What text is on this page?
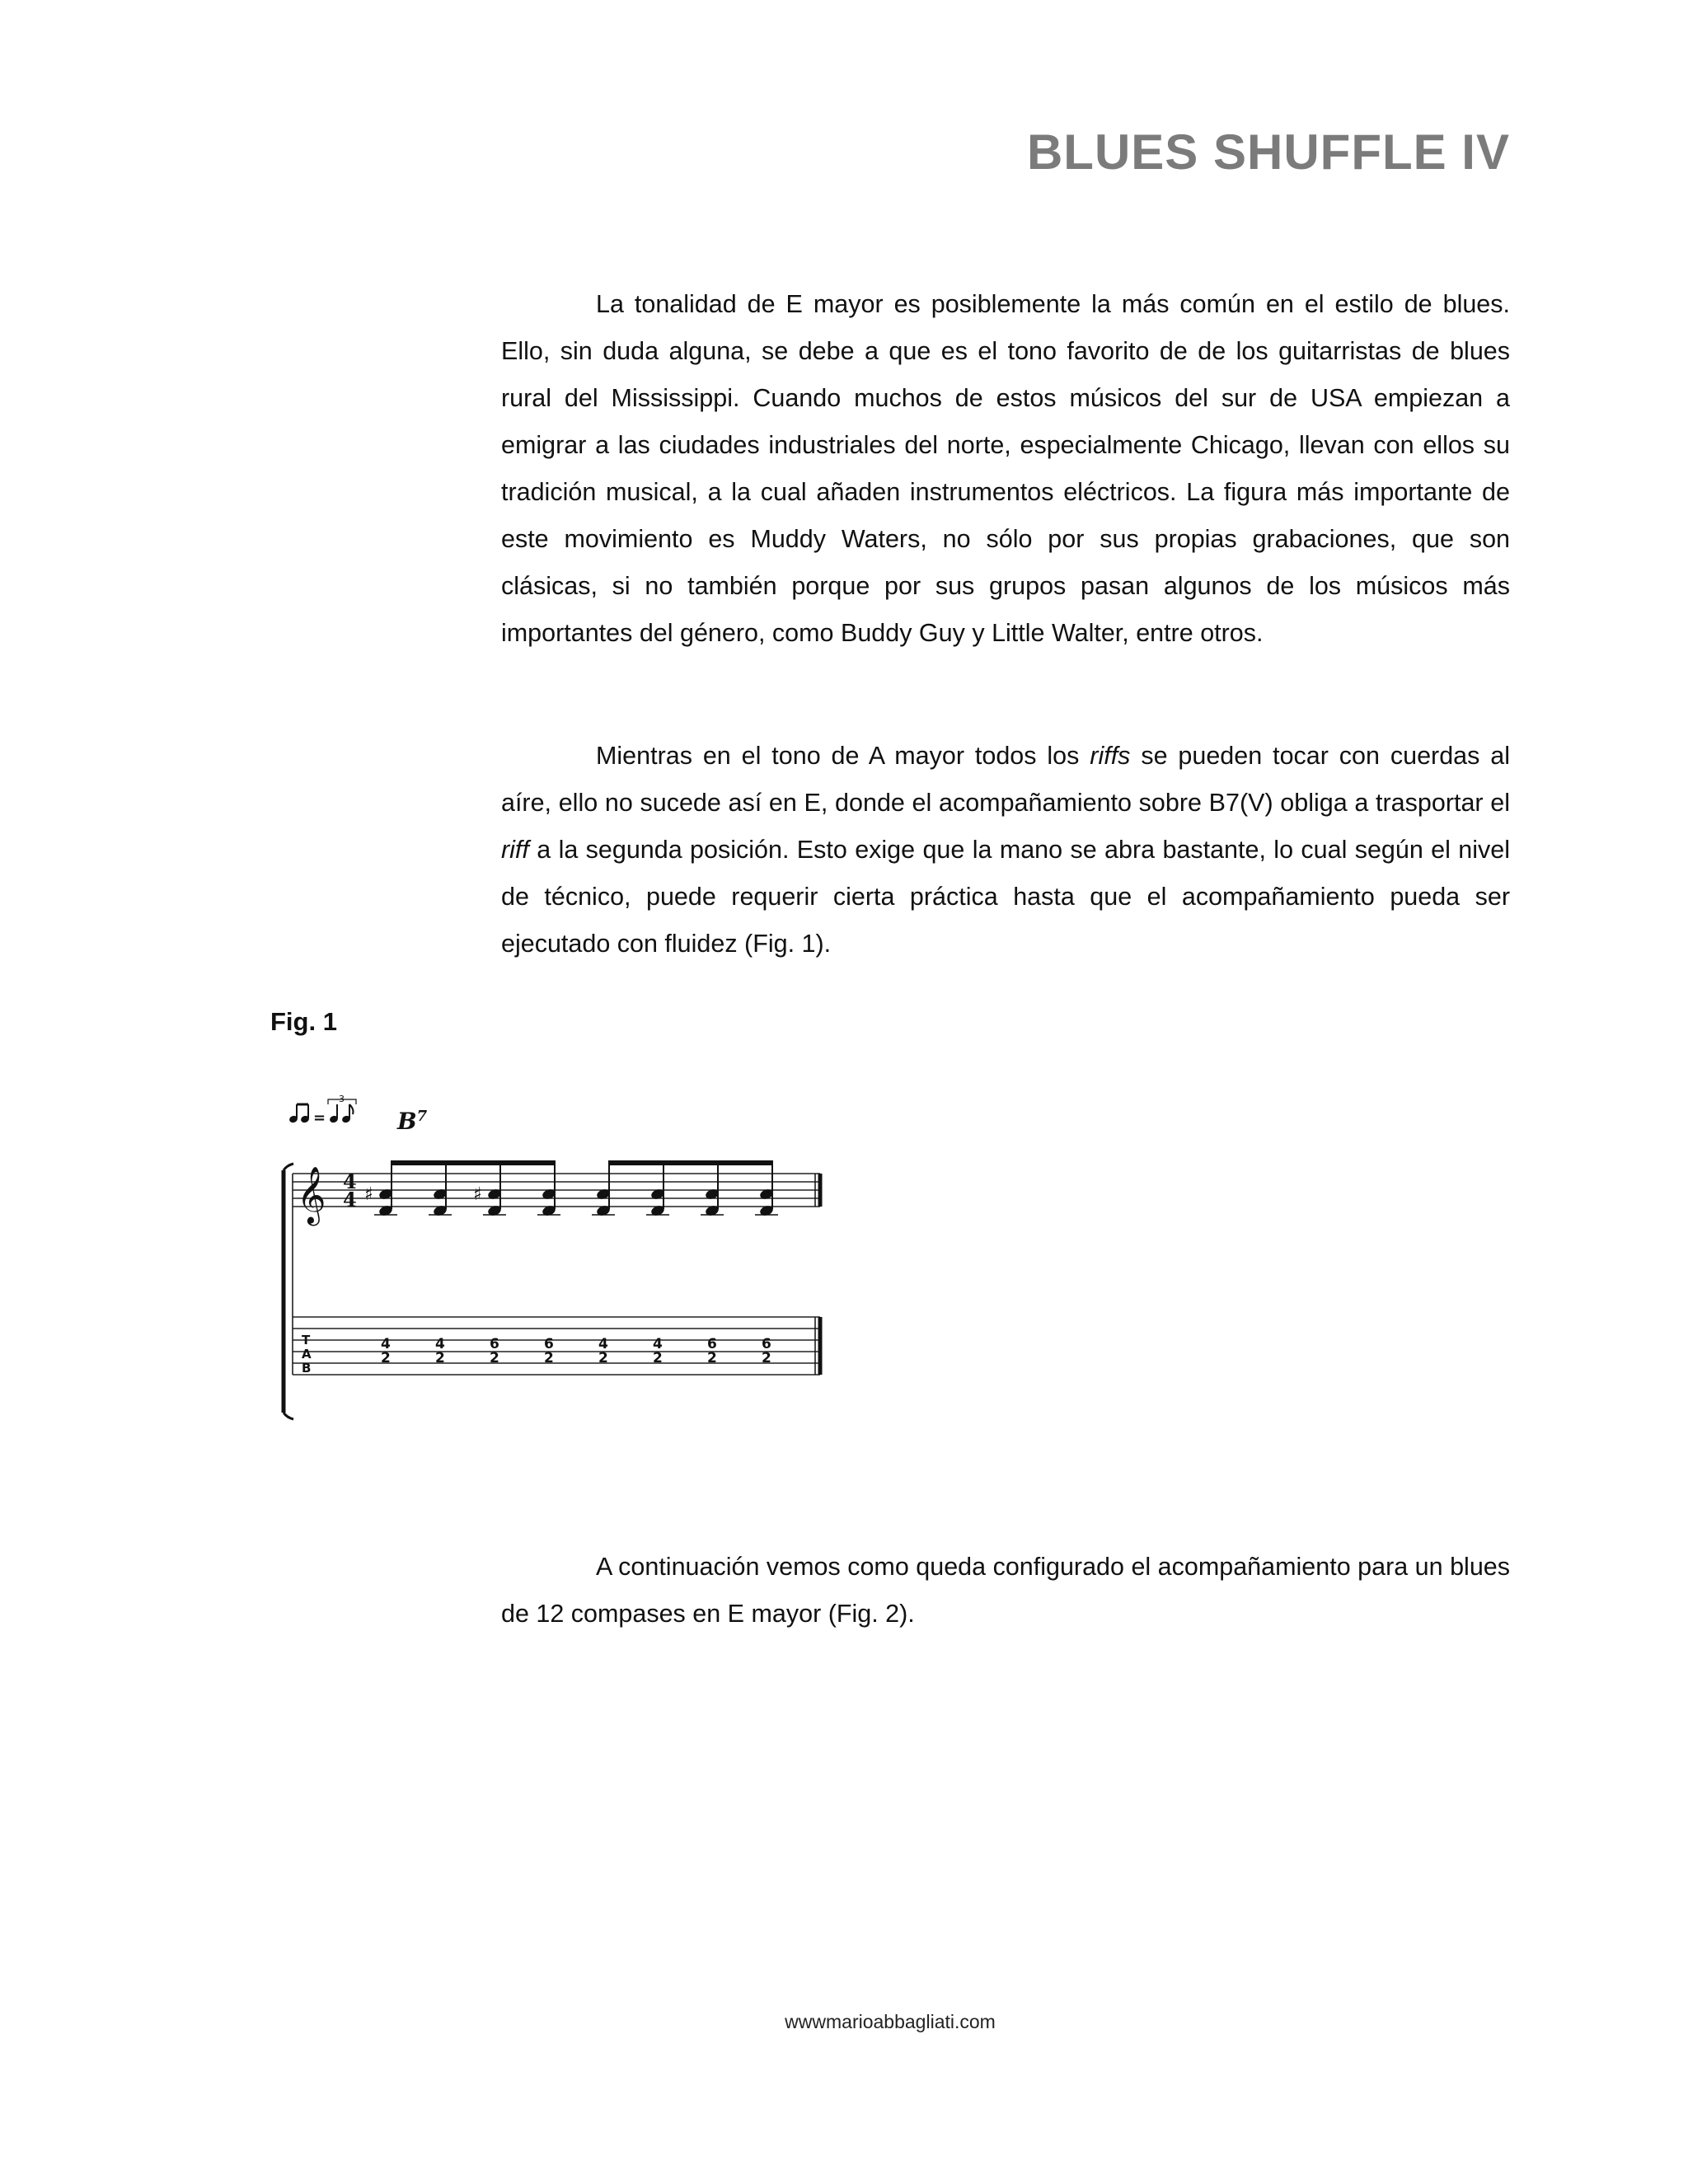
BLUES SHUFFLE IV

La tonalidad de E mayor es posiblemente la más común en el estilo de blues. Ello, sin duda alguna, se debe a que es el tono favorito de de los guitarristas de blues rural del Mississippi. Cuando muchos de estos músicos del sur de USA empiezan a emigrar a las ciudades industriales del norte, especialmente Chicago, llevan con ellos su tradición musical, a la cual añaden instrumentos eléctricos. La figura más importante de este movimiento es Muddy Waters, no sólo por sus propias grabaciones, que son clásicas, si no también porque por sus grupos pasan algunos de los músicos más importantes del género, como Buddy Guy y Little Walter, entre otros.

Mientras en el tono de A mayor todos los riffs se pueden tocar con cuerdas al aíre, ello no sucede así en E, donde el acompañamiento sobre B7(V) obliga a trasportar el riff a la segunda posición. Esto exige que la mano se abra bastante, lo cual según el nivel de técnico, puede requerir cierta práctica hasta que el acompañamiento pueda ser ejecutado con fluidez (Fig. 1).

Fig. 1

=
3
$B^7$
𝄞 4
4 ♯	♯
T
A
B
4
2
4
2
6
2
6
2
4
2
4
2
6
2
6
2

A continuación vemos como queda configurado el acompañamiento para un blues de 12 compases en E mayor (Fig. 2).

wwwmarioabbagliati.com
